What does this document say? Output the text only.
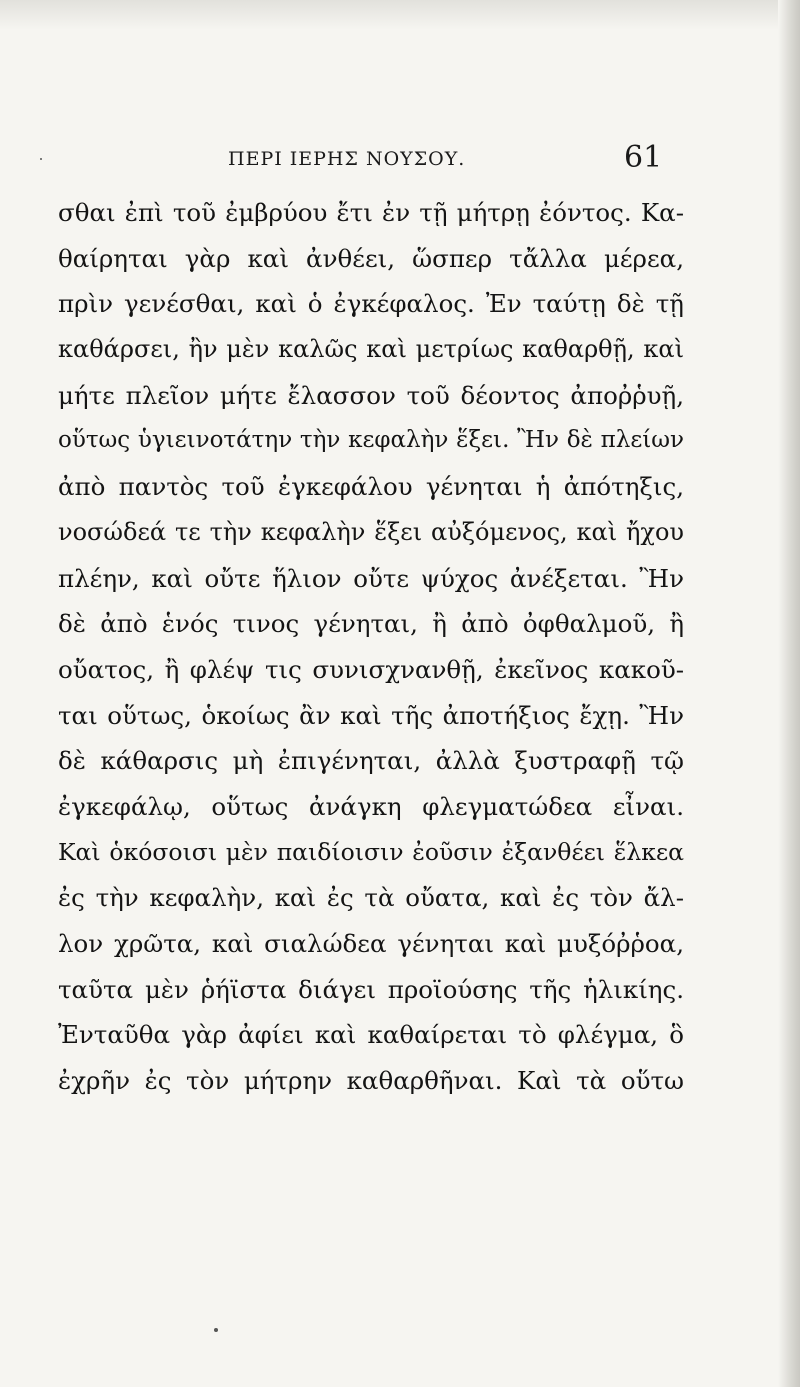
ΠΕΡΙ ΙΕΡΗΣ ΝΟΥΣΟΥ.	61
σθαι ἐπὶ τοῦ ἐμβρύου ἔτι ἐν τῇ μήτρῃ ἐόντος. Κα-
θαίρηται γὰρ καὶ ἀνθέει, ὥσπερ τἄλλα μέρεα,
πρὶν γενέσθαι, καὶ ὁ ἐγκέφαλος. Ἐν ταύτῃ δὲ τῇ
καθάρσει, ἢν μὲν καλῶς καὶ μετρίως καθαρθῇ, καὶ
μήτε πλεῖον μήτε ἔλασσον τοῦ δέοντος ἀποῤῥυῇ,
οὕτως ὑγιεινοτάτην τὴν κεφαλὴν ἕξει. Ἢν δὲ πλείων
ἀπὸ παντὸς τοῦ ἐγκεφάλου γένηται ἡ ἀπότηξις,
νοσώδεά τε τὴν κεφαλὴν ἕξει αὐξόμενος, καὶ ἤχου
πλέην, καὶ οὔτε ἥλιον οὔτε ψύχος ἀνέξεται. Ἢν
δὲ ἀπὸ ἑνός τινος γένηται, ἢ ἀπὸ ὀφθαλμοῦ, ἢ
οὔατος, ἢ φλέψ τις συνισχνανθῇ, ἐκεῖνος κακοῦ-
ται οὕτως, ὁκοίως ἂν καὶ τῆς ἀποτήξιος ἔχῃ. Ἢν
δὲ κάθαρσις μὴ ἐπιγένηται, ἀλλὰ ξυστραφῇ τῷ
ἐγκεφάλῳ, οὕτως ἀνάγκη φλεγματώδεα εἶναι.
Καὶ ὁκόσοισι μὲν παιδίοισιν ἐοῦσιν ἐξανθέει ἕλκεα
ἐς τὴν κεφαλὴν, καὶ ἐς τὰ οὔατα, καὶ ἐς τὸν ἄλ-
λον χρῶτα, καὶ σιαλώδεα γένηται καὶ μυξόῤῥοα,
ταῦτα μὲν ῥήϊστα διάγει προϊούσης τῆς ἡλικίης.
Ἐνταῦθα γὰρ ἀφίει καὶ καθαίρεται τὸ φλέγμα, ὃ
ἐχρῆν ἐς τὸν μήτρην καθαρθῆναι. Καὶ τὰ οὕτω
